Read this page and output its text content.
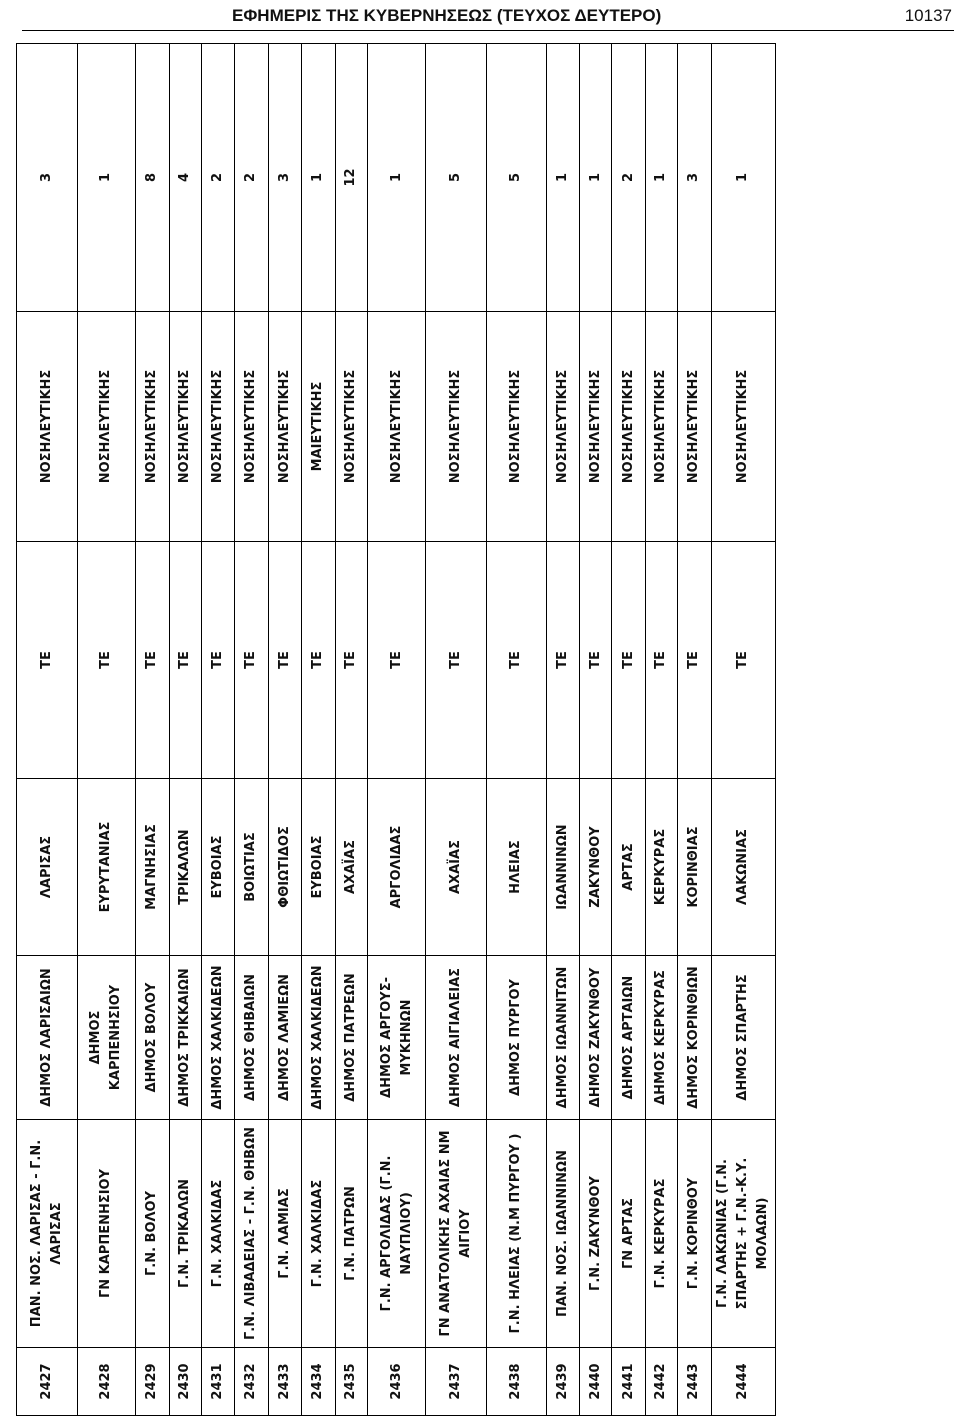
ΕΦΗΜΕΡΙΣ ΤΗΣ ΚΥΒΕΡΝΗΣΕΩΣ (ΤΕΥΧΟΣ ΔΕΥΤΕΡΟ)	10137
2427	ΠΑΝ. ΝΟΣ. ΛΑΡΙΣΑΣ - Γ.Ν. ΛΑΡΙΣΑΣ	ΔΗΜΟΣ ΛΑΡΙΣΑΙΩΝ	ΛΑΡΙΣΑΣ	ΤΕ	ΝΟΣΗΛΕΥΤΙΚΗΣ	3
2428	ΓΝ ΚΑΡΠΕΝΗΣΙΟΥ	ΔΗΜΟΣ ΚΑΡΠΕΝΗΣΙΟΥ	ΕΥΡΥΤΑΝΙΑΣ	ΤΕ	ΝΟΣΗΛΕΥΤΙΚΗΣ	1
2429	Γ.Ν. ΒΟΛΟΥ	ΔΗΜΟΣ ΒΟΛΟΥ	ΜΑΓΝΗΣΙΑΣ	ΤΕ	ΝΟΣΗΛΕΥΤΙΚΗΣ	8
2430	Γ.Ν. ΤΡΙΚΑΛΩΝ	ΔΗΜΟΣ ΤΡΙΚΚΑΙΩΝ	ΤΡΙΚΑΛΩΝ	ΤΕ	ΝΟΣΗΛΕΥΤΙΚΗΣ	4
2431	Γ.Ν. ΧΑΛΚΙΔΑΣ	ΔΗΜΟΣ ΧΑΛΚΙΔΕΩΝ	ΕΥΒΟΙΑΣ	ΤΕ	ΝΟΣΗΛΕΥΤΙΚΗΣ	2
2432	Γ.Ν. ΛΙΒΑΔΕΙΑΣ - Γ.Ν. ΘΗΒΩΝ	ΔΗΜΟΣ ΘΗΒΑΙΩΝ	ΒΟΙΩΤΙΑΣ	ΤΕ	ΝΟΣΗΛΕΥΤΙΚΗΣ	2
2433	Γ.Ν. ΛΑΜΙΑΣ	ΔΗΜΟΣ ΛΑΜΙΕΩΝ	ΦΘΙΩΤΙΔΟΣ	ΤΕ	ΝΟΣΗΛΕΥΤΙΚΗΣ	3
2434	Γ.Ν. ΧΑΛΚΙΔΑΣ	ΔΗΜΟΣ ΧΑΛΚΙΔΕΩΝ	ΕΥΒΟΙΑΣ	ΤΕ	ΜΑΙΕΥΤΙΚΗΣ	1
2435	Γ.Ν. ΠΑΤΡΩΝ	ΔΗΜΟΣ ΠΑΤΡΕΩΝ	ΑΧΑΪΑΣ	ΤΕ	ΝΟΣΗΛΕΥΤΙΚΗΣ	12
2436	Γ.Ν. ΑΡΓΟΛΙΔΑΣ (Γ.Ν. ΝΑΥΠΛΙΟΥ)	ΔΗΜΟΣ ΑΡΓΟΥΣ-ΜΥΚΗΝΩΝ	ΑΡΓΟΛΙΔΑΣ	ΤΕ	ΝΟΣΗΛΕΥΤΙΚΗΣ	1
2437	ΓΝ ΑΝΑΤΟΛΙΚΗΣ ΑΧΑΙΑΣ ΝΜ ΑΙΓΙΟΥ	ΔΗΜΟΣ ΑΙΓΙΑΛΕΙΑΣ	ΑΧΑΪΑΣ	ΤΕ	ΝΟΣΗΛΕΥΤΙΚΗΣ	5
2438	Γ.Ν. ΗΛΕΙΑΣ (Ν.Μ ΠΥΡΓΟΥ )	ΔΗΜΟΣ ΠΥΡΓΟΥ	ΗΛΕΙΑΣ	ΤΕ	ΝΟΣΗΛΕΥΤΙΚΗΣ	5
2439	ΠΑΝ. ΝΟΣ. ΙΩΑΝΝΙΝΩΝ	ΔΗΜΟΣ ΙΩΑΝΝΙΤΩΝ	ΙΩΑΝΝΙΝΩΝ	ΤΕ	ΝΟΣΗΛΕΥΤΙΚΗΣ	1
2440	Γ.Ν. ΖΑΚΥΝΘΟΥ	ΔΗΜΟΣ ΖΑΚΥΝΘΟΥ	ΖΑΚΥΝΘΟΥ	ΤΕ	ΝΟΣΗΛΕΥΤΙΚΗΣ	1
2441	ΓΝ ΑΡΤΑΣ	ΔΗΜΟΣ ΑΡΤΑΙΩΝ	ΑΡΤΑΣ	ΤΕ	ΝΟΣΗΛΕΥΤΙΚΗΣ	2
2442	Γ.Ν. ΚΕΡΚΥΡΑΣ	ΔΗΜΟΣ ΚΕΡΚΥΡΑΣ	ΚΕΡΚΥΡΑΣ	ΤΕ	ΝΟΣΗΛΕΥΤΙΚΗΣ	1
2443	Γ.Ν. ΚΟΡΙΝΘΟΥ	ΔΗΜΟΣ ΚΟΡΙΝΘΙΩΝ	ΚΟΡΙΝΘΙΑΣ	ΤΕ	ΝΟΣΗΛΕΥΤΙΚΗΣ	3
2444	Γ.Ν. ΛΑΚΩΝΙΑΣ (Γ.Ν. ΣΠΑΡΤΗΣ + Γ.Ν.-Κ.Υ. ΜΟΛΑΩΝ)	ΔΗΜΟΣ ΣΠΑΡΤΗΣ	ΛΑΚΩΝΙΑΣ	ΤΕ	ΝΟΣΗΛΕΥΤΙΚΗΣ	1
